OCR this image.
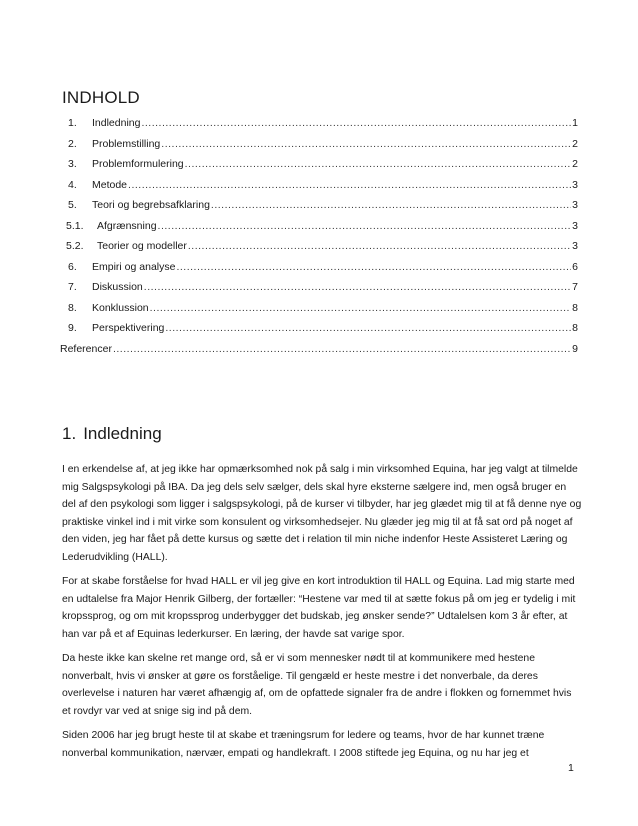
INDHOLD
1.	Indledning .....	1
2.	Problemstilling .....	2
3.	Problemformulering .....	2
4.	Metode .....	3
5.	Teori og begrebsafklaring .....	3
5.1.	Afgrænsning .....	3
5.2.	Teorier og modeller .....	3
6.	Empiri og analyse .....	6
7.	Diskussion .....	7
8.	Konklussion .....	8
9.	Perspektivering .....	8
Referencer .....	9
1. Indledning

I en erkendelse af, at jeg ikke har opmærksomhed nok på salg i min virksomhed Equina, har jeg valgt at tilmelde mig Salgspsykologi på IBA. Da jeg dels selv sælger, dels skal hyre eksterne sælgere ind, men også bruger en del af den psykologi som ligger i salgspsykologi, på de kurser vi tilbyder, har jeg glædet mig til at få denne nye og praktiske vinkel ind i mit virke som konsulent og virksomhedsejer. Nu glæder jeg mig til at få sat ord på noget af den viden, jeg har fået på dette kursus og sætte det i relation til min niche indenfor Heste Assisteret Læring og Lederudvikling (HALL).

For at skabe forståelse for hvad HALL er vil jeg give en kort introduktion til HALL og Equina. Lad mig starte med en udtalelse fra Major Henrik Gilberg, der fortæller: “Hestene var med til at sætte fokus på om jeg er tydelig i mit kropssprog, og om mit kropssprog underbygger det budskab, jeg ønsker sende?” Udtalelsen kom 3 år efter, at han var på et af Equinas lederkurser. En læring, der havde sat varige spor.

Da heste ikke kan skelne ret mange ord, så er vi som mennesker nødt til at kommunikere med hestene nonverbalt, hvis vi ønsker at gøre os forståelige. Til gengæld er heste mestre i det nonverbale, da deres overlevelse i naturen har været afhængig af, om de opfattede signaler fra de andre i flokken og fornemmet hvis et rovdyr var ved at snige sig ind på dem.

Siden 2006 har jeg brugt heste til at skabe et træningsrum for ledere og teams, hvor de har kunnet træne nonverbal kommunikation, nærvær, empati og handlekraft. I 2008 stiftede jeg Equina, og nu har jeg et

1
